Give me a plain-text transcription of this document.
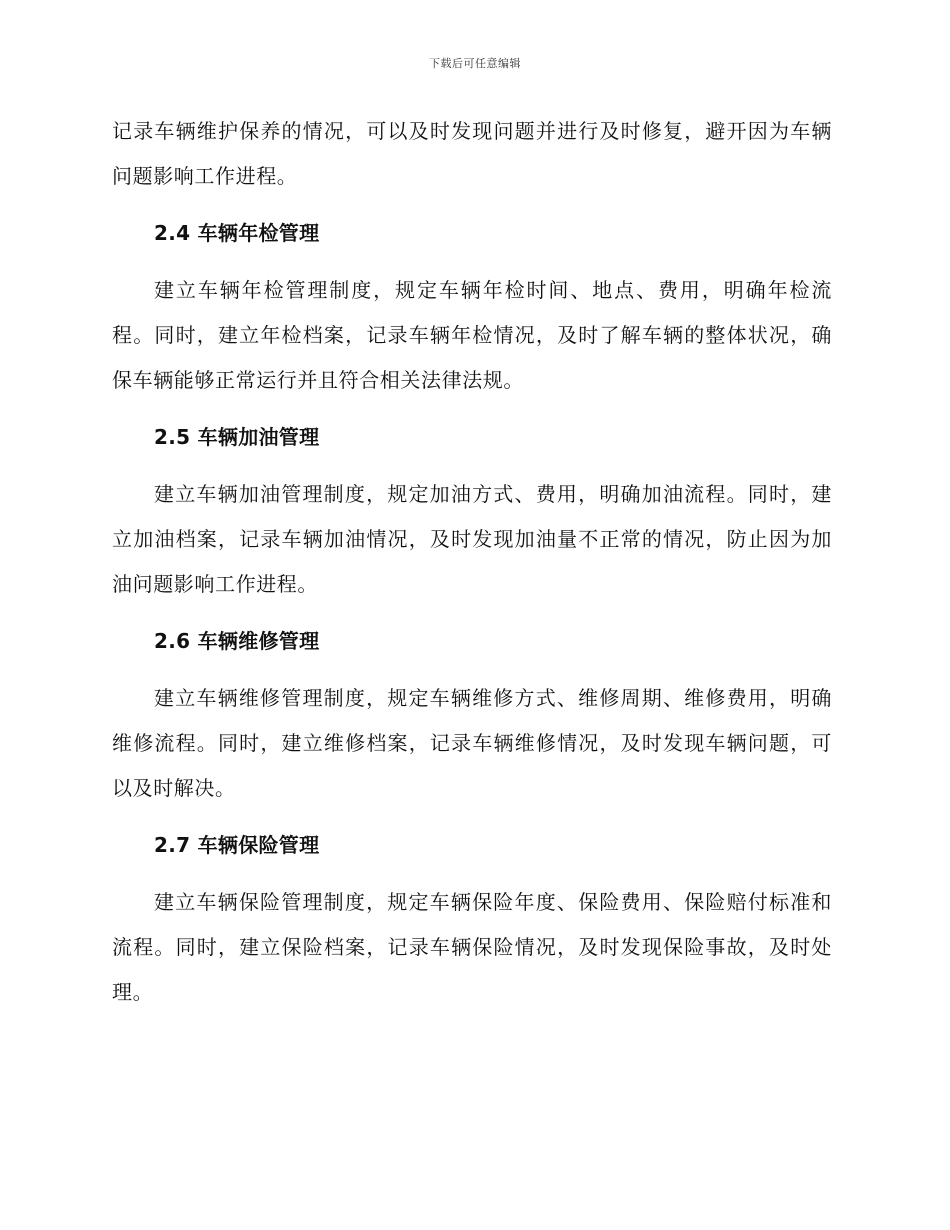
下载后可任意编辑

记录车辆维护保养的情况，可以及时发现问题并进行及时修复，避开因为车辆问题影响工作进程。

2.4 车辆年检管理

建立车辆年检管理制度，规定车辆年检时间、地点、费用，明确年检流程。同时，建立年检档案，记录车辆年检情况，及时了解车辆的整体状况，确保车辆能够正常运行并且符合相关法律法规。

2.5 车辆加油管理

建立车辆加油管理制度，规定加油方式、费用，明确加油流程。同时，建立加油档案，记录车辆加油情况，及时发现加油量不正常的情况，防止因为加油问题影响工作进程。

2.6 车辆维修管理

建立车辆维修管理制度，规定车辆维修方式、维修周期、维修费用，明确维修流程。同时，建立维修档案，记录车辆维修情况，及时发现车辆问题，可以及时解决。

2.7 车辆保险管理

建立车辆保险管理制度，规定车辆保险年度、保险费用、保险赔付标准和流程。同时，建立保险档案，记录车辆保险情况，及时发现保险事故，及时处理。
